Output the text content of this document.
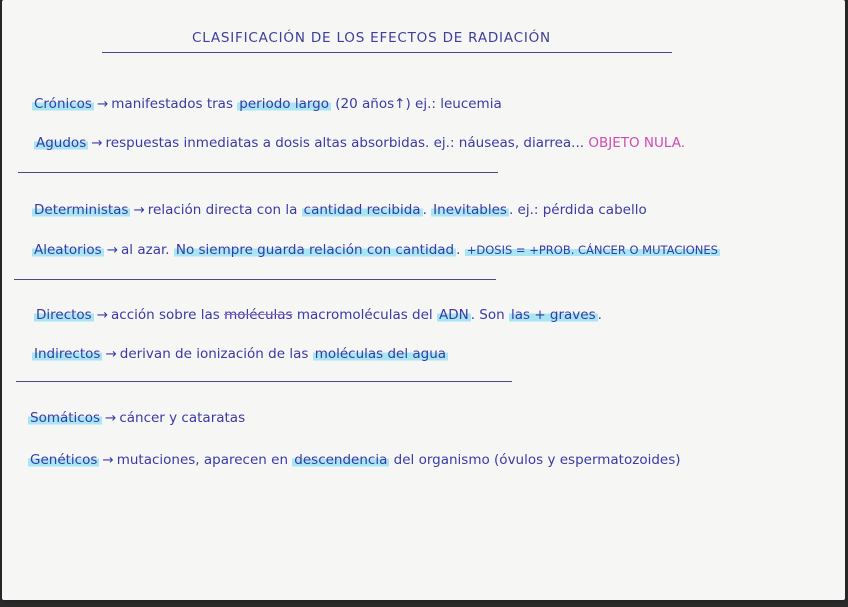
CLASIFICACIÓN DE LOS EFECTOS DE RADIACIÓN
Crónicos → manifestados tras periodo largo (20 años↑) ej.: leucemia
Agudos → respuestas inmediatas a dosis altas absorbidas. ej.: náuseas, diarrea... OBJETO NULA.
Deterministas → relación directa con la cantidad recibida . Inevitables . ej.: pérdida cabello
Aleatorios → al azar. No siempre guarda relación con cantidad . +DOSIS = +PROB. CÁNCER O MUTACIONES
Directos → acción sobre las moléculas macromoléculas del ADN . Son las + graves .
Indirectos → derivan de ionización de las moléculas del agua
Somáticos → cáncer y cataratas
Genéticos → mutaciones, aparecen en descendencia del organismo (óvulos y espermatozoides)
